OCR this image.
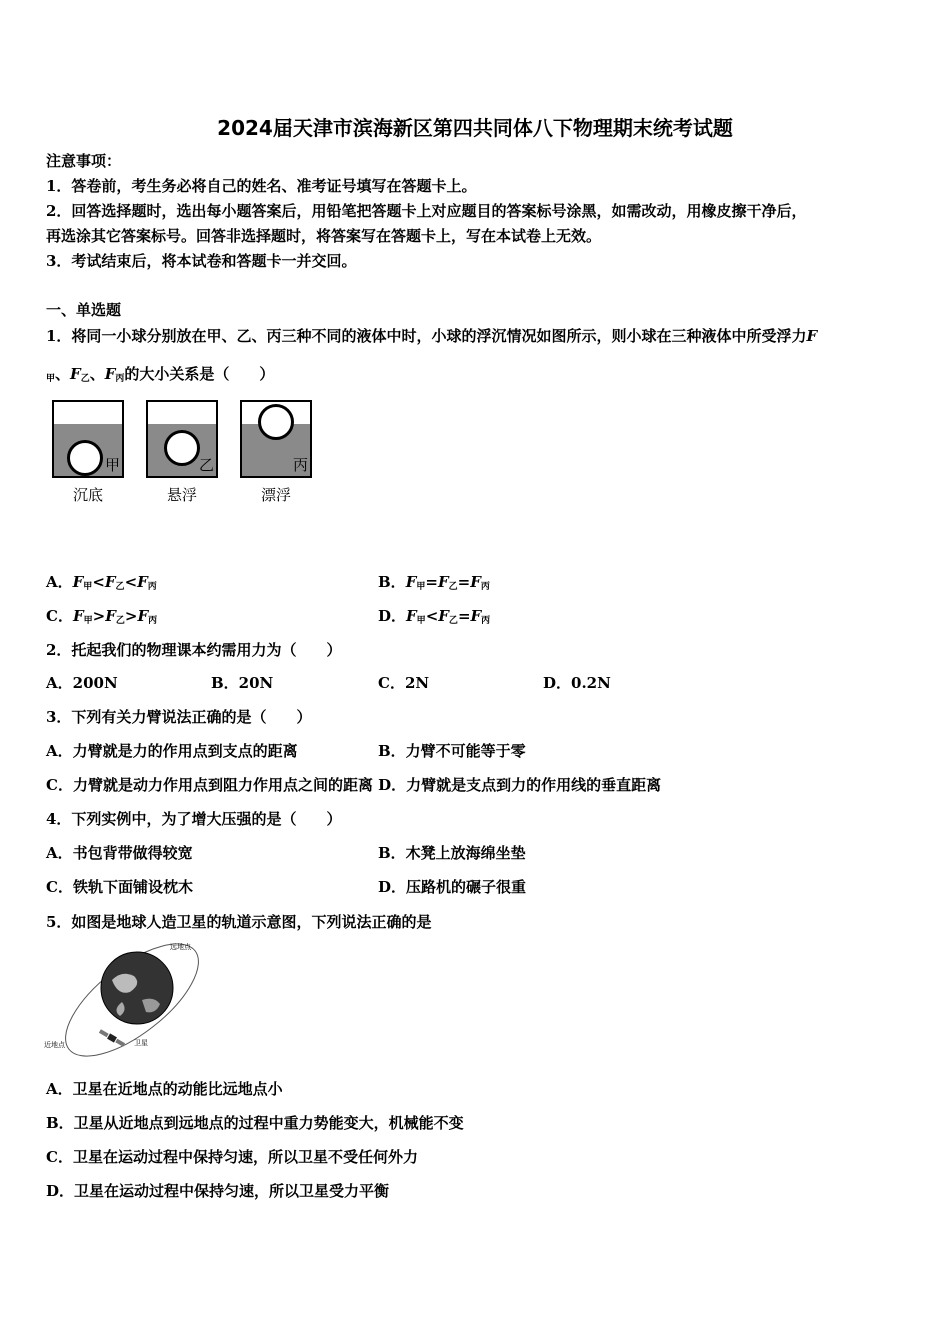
2024届天津市滨海新区第四共同体八下物理期末统考试题
注意事项：
1．答卷前，考生务必将自己的姓名、准考证号填写在答题卡上。
2．回答选择题时，选出每小题答案后，用铅笔把答题卡上对应题目的答案标号涂黑，如需改动，用橡皮擦干净后，
再选涂其它答案标号。回答非选择题时，将答案写在答题卡上，写在本试卷上无效。
3．考试结束后，将本试卷和答题卡一并交回。
一、单选题
1．将同一小球分别放在甲、乙、丙三种不同的液体中时，小球的浮沉情况如图所示，则小球在三种液体中所受浮力F
$_甲$、$F_乙$、$F_丙$的大小关系是（　　）
甲
沉底
乙
悬浮
丙
漂浮
A．$F_甲<F_乙<F_丙$	B．$F_甲=F_乙=F_丙$
C．$F_甲>F_乙>F_丙$	D．$F_甲<F_乙=F_丙$
2．托起我们的物理课本约需用力为（　　）
A．200N	B．20N	C．2N	D．0.2N
3．下列有关力臂说法正确的是（　　）
A．力臂就是力的作用点到支点的距离	B．力臂不可能等于零
C．力臂就是动力作用点到阻力作用点之间的距离 D．力臂就是支点到力的作用线的垂直距离
4．下列实例中，为了增大压强的是（　　）
A．书包背带做得较宽	B．木凳上放海绵坐垫
C．铁轨下面铺设枕木	D．压路机的碾子很重
5．如图是地球人造卫星的轨道示意图，下列说法正确的是
远地点
近地点	卫星
A．卫星在近地点的动能比远地点小
B．卫星从近地点到远地点的过程中重力势能变大，机械能不变
C．卫星在运动过程中保持匀速，所以卫星不受任何外力
D．卫星在运动过程中保持匀速，所以卫星受力平衡
